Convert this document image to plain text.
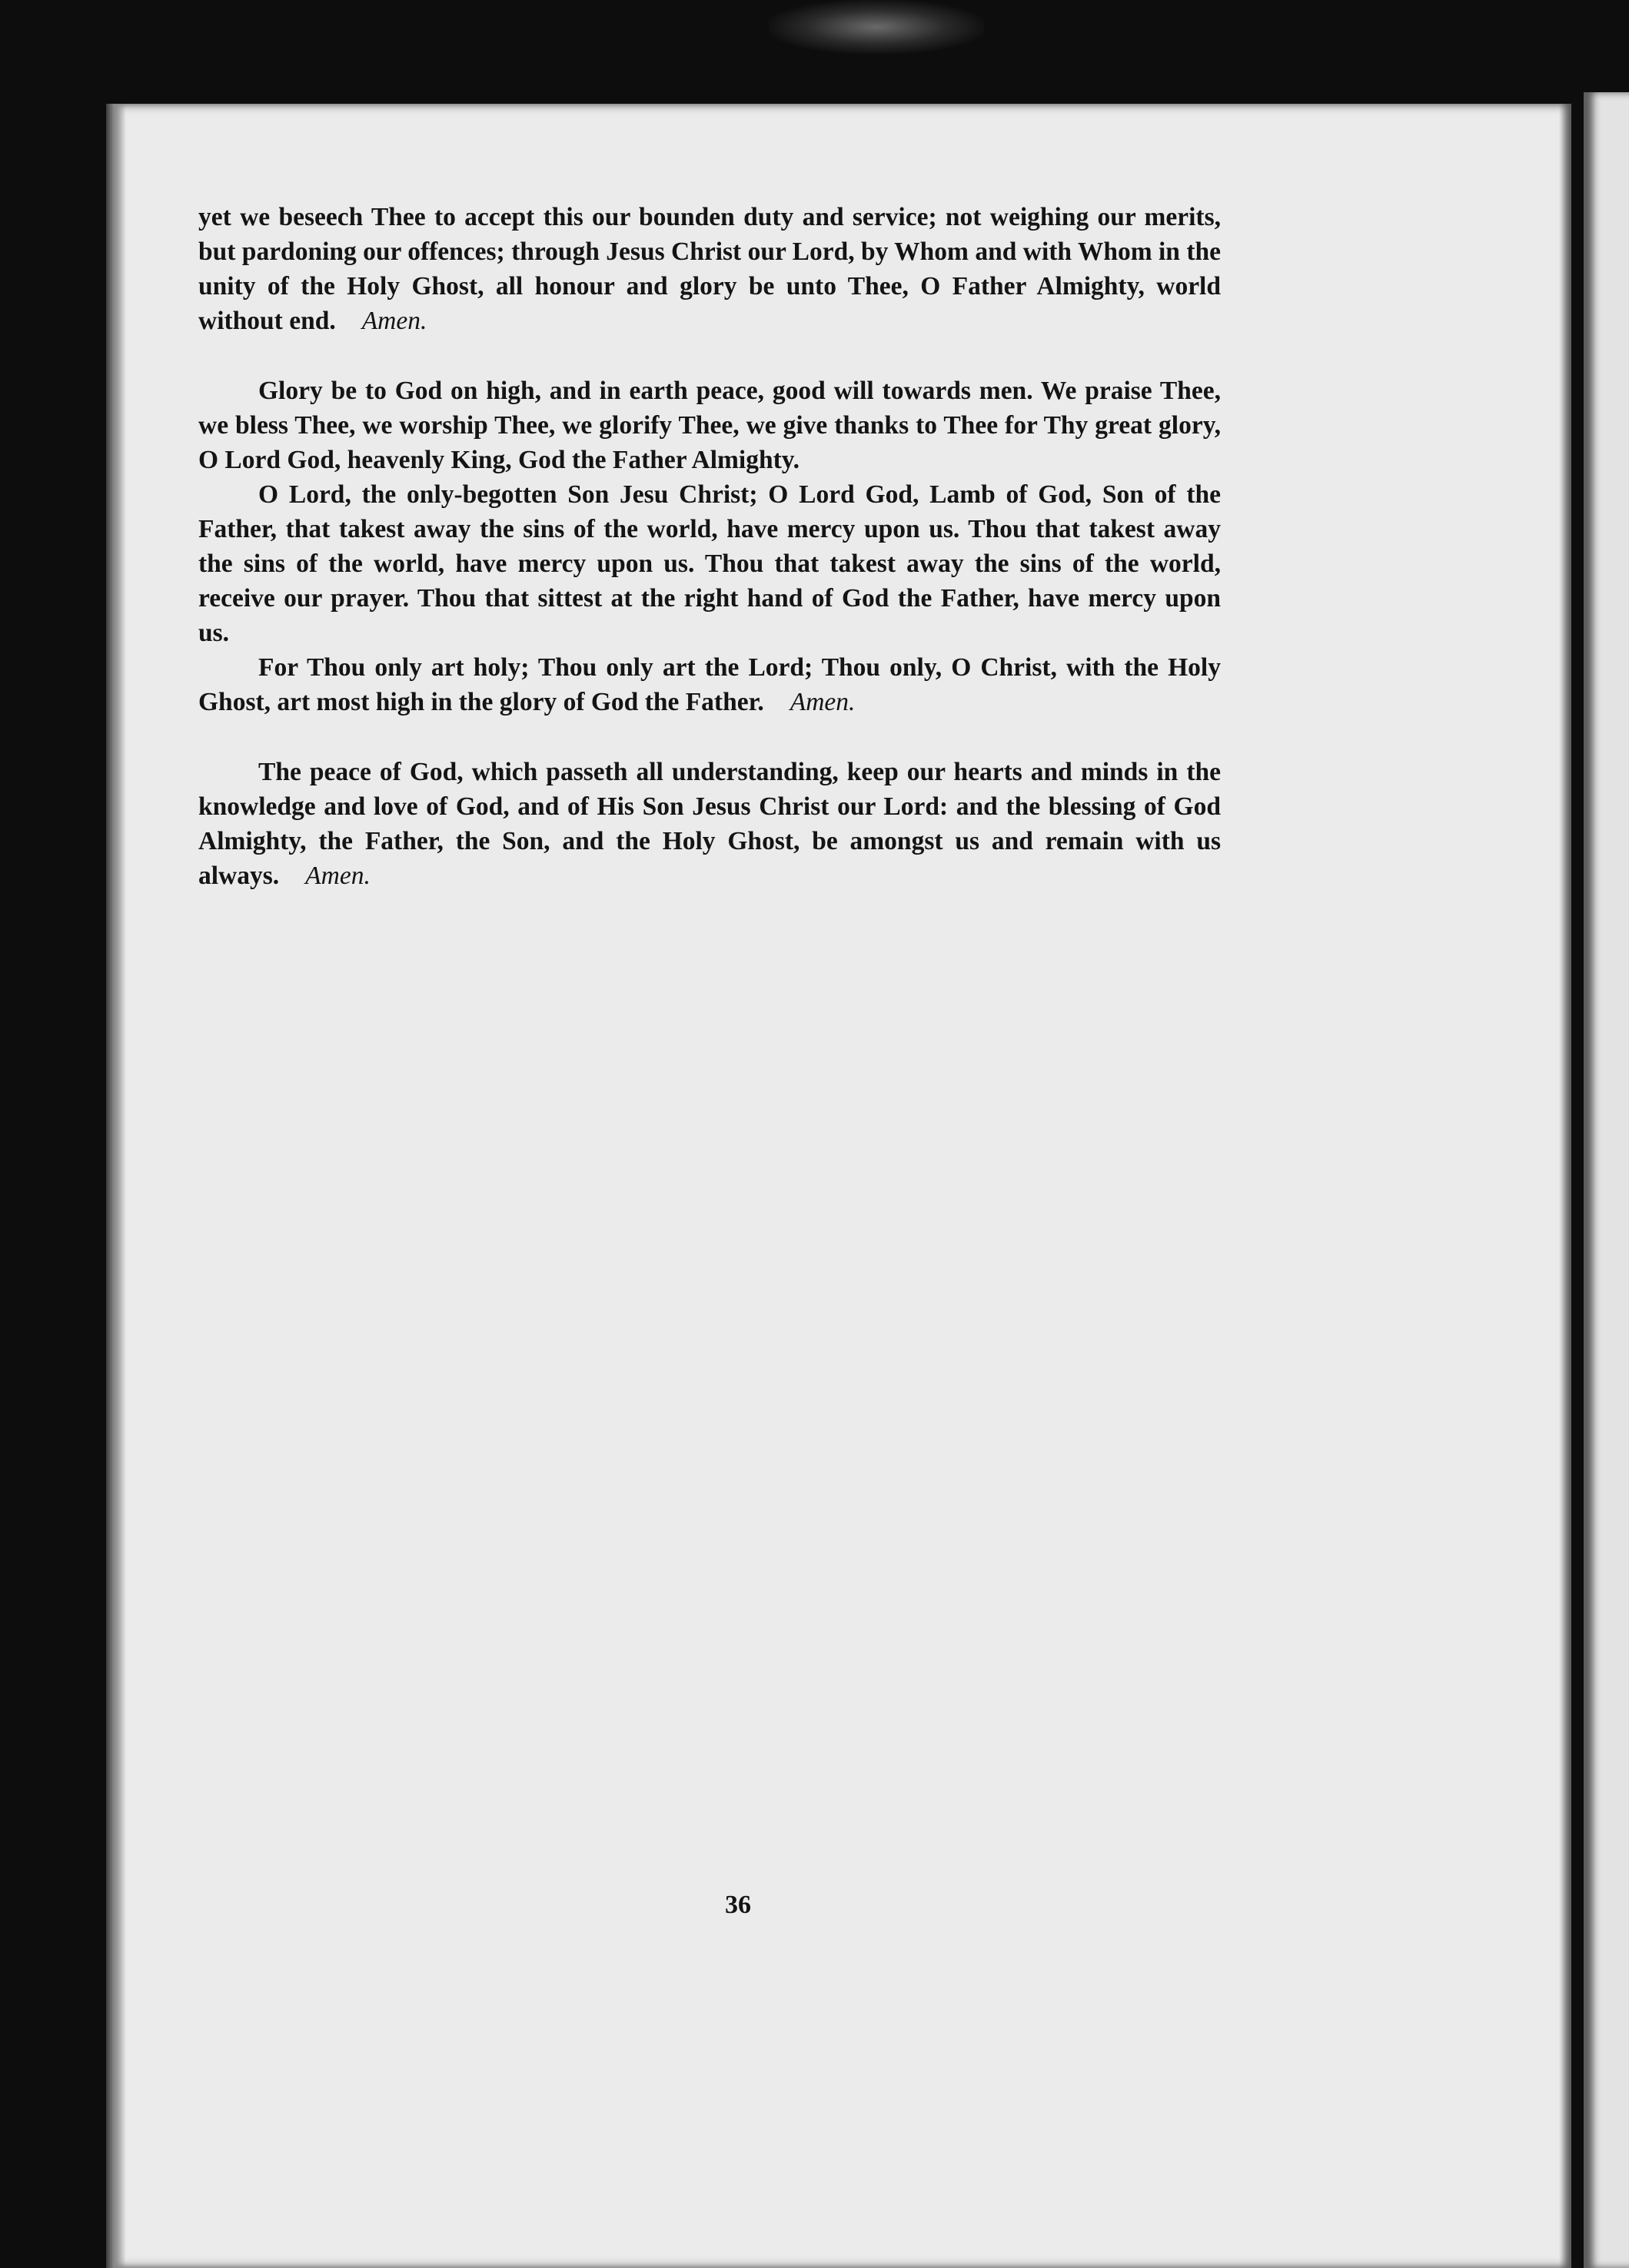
yet we beseech Thee to accept this our bounden duty and service; not weighing our merits, but pardoning our offences; through Jesus Christ our Lord, by Whom and with Whom in the unity of the Holy Ghost, all honour and glory be unto Thee, O Father Almighty, world without end. Amen.

Glory be to God on high, and in earth peace, good will towards men. We praise Thee, we bless Thee, we worship Thee, we glorify Thee, we give thanks to Thee for Thy great glory, O Lord God, heavenly King, God the Father Almighty.

O Lord, the only-begotten Son Jesu Christ; O Lord God, Lamb of God, Son of the Father, that takest away the sins of the world, have mercy upon us. Thou that takest away the sins of the world, have mercy upon us. Thou that takest away the sins of the world, receive our prayer. Thou that sittest at the right hand of God the Father, have mercy upon us.

For Thou only art holy; Thou only art the Lord; Thou only, O Christ, with the Holy Ghost, art most high in the glory of God the Father. Amen.

The peace of God, which passeth all understanding, keep our hearts and minds in the knowledge and love of God, and of His Son Jesus Christ our Lord: and the blessing of God Almighty, the Father, the Son, and the Holy Ghost, be amongst us and remain with us always. Amen.

36
